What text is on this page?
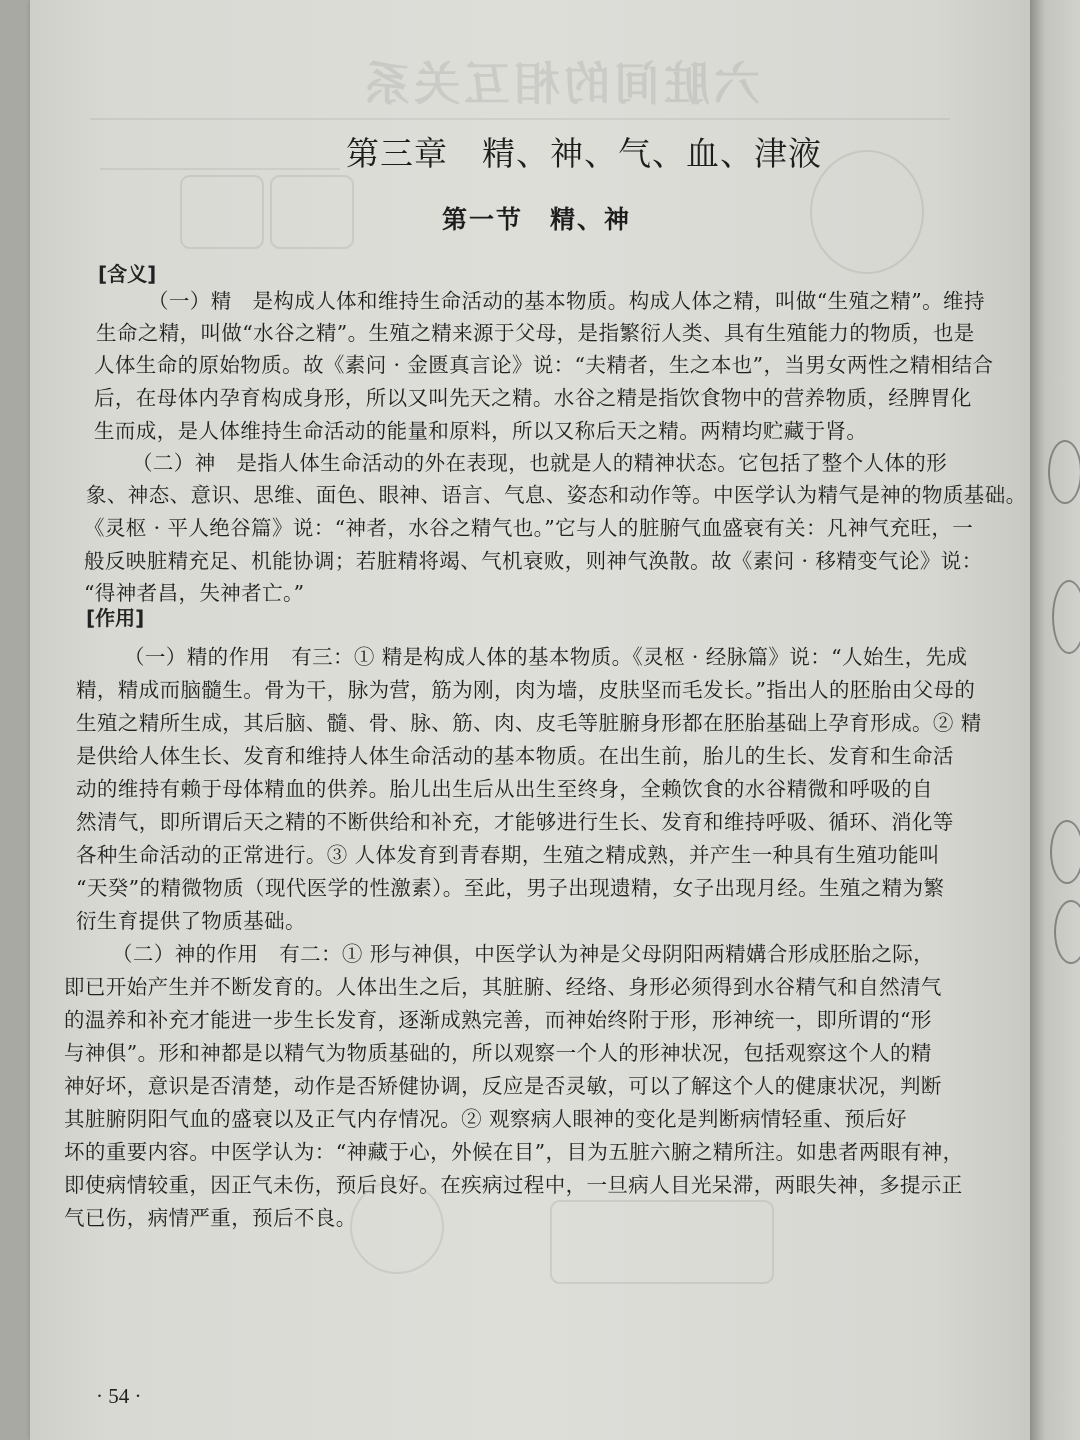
六脏间的相互关系
第三章　精、神、气、血、津液
第一节　精、神
[含义]
（一）精　是构成人体和维持生命活动的基本物质。构成人体之精，叫做“生殖之精”。维持
生命之精，叫做“水谷之精”。生殖之精来源于父母，是指繁衍人类、具有生殖能力的物质，也是
人体生命的原始物质。故《素问 · 金匮真言论》说：“夫精者，生之本也”，当男女两性之精相结合
后，在母体内孕育构成身形，所以又叫先天之精。水谷之精是指饮食物中的营养物质，经脾胃化
生而成，是人体维持生命活动的能量和原料，所以又称后天之精。两精均贮藏于肾。
（二）神　是指人体生命活动的外在表现，也就是人的精神状态。它包括了整个人体的形
象、神态、意识、思维、面色、眼神、语言、气息、姿态和动作等。中医学认为精气是神的物质基础。
《灵枢 · 平人绝谷篇》说：“神者，水谷之精气也。”它与人的脏腑气血盛衰有关：凡神气充旺，一
般反映脏精充足、机能协调；若脏精将竭、气机衰败，则神气涣散。故《素问 · 移精变气论》说：
“得神者昌，失神者亡。”
[作用]
（一）精的作用　有三：① 精是构成人体的基本物质。《灵枢 · 经脉篇》说：“人始生，先成
精，精成而脑髓生。骨为干，脉为营，筋为刚，肉为墙，皮肤坚而毛发长。”指出人的胚胎由父母的
生殖之精所生成，其后脑、髓、骨、脉、筋、肉、皮毛等脏腑身形都在胚胎基础上孕育形成。② 精
是供给人体生长、发育和维持人体生命活动的基本物质。在出生前，胎儿的生长、发育和生命活
动的维持有赖于母体精血的供养。胎儿出生后从出生至终身，全赖饮食的水谷精微和呼吸的自
然清气，即所谓后天之精的不断供给和补充，才能够进行生长、发育和维持呼吸、循环、消化等
各种生命活动的正常进行。③ 人体发育到青春期，生殖之精成熟，并产生一种具有生殖功能叫
“天癸”的精微物质（现代医学的性激素）。至此，男子出现遗精，女子出现月经。生殖之精为繁
衍生育提供了物质基础。
（二）神的作用　有二：① 形与神俱，中医学认为神是父母阴阳两精媾合形成胚胎之际，
即已开始产生并不断发育的。人体出生之后，其脏腑、经络、身形必须得到水谷精气和自然清气
的温养和补充才能进一步生长发育，逐渐成熟完善，而神始终附于形，形神统一，即所谓的“形
与神俱”。形和神都是以精气为物质基础的，所以观察一个人的形神状况，包括观察这个人的精
神好坏，意识是否清楚，动作是否矫健协调，反应是否灵敏，可以了解这个人的健康状况，判断
其脏腑阴阳气血的盛衰以及正气内存情况。② 观察病人眼神的变化是判断病情轻重、预后好
坏的重要内容。中医学认为：“神藏于心，外候在目”，目为五脏六腑之精所注。如患者两眼有神，
即使病情较重，因正气未伤，预后良好。在疾病过程中，一旦病人目光呆滞，两眼失神，多提示正
气已伤，病情严重，预后不良。
· 54 ·
